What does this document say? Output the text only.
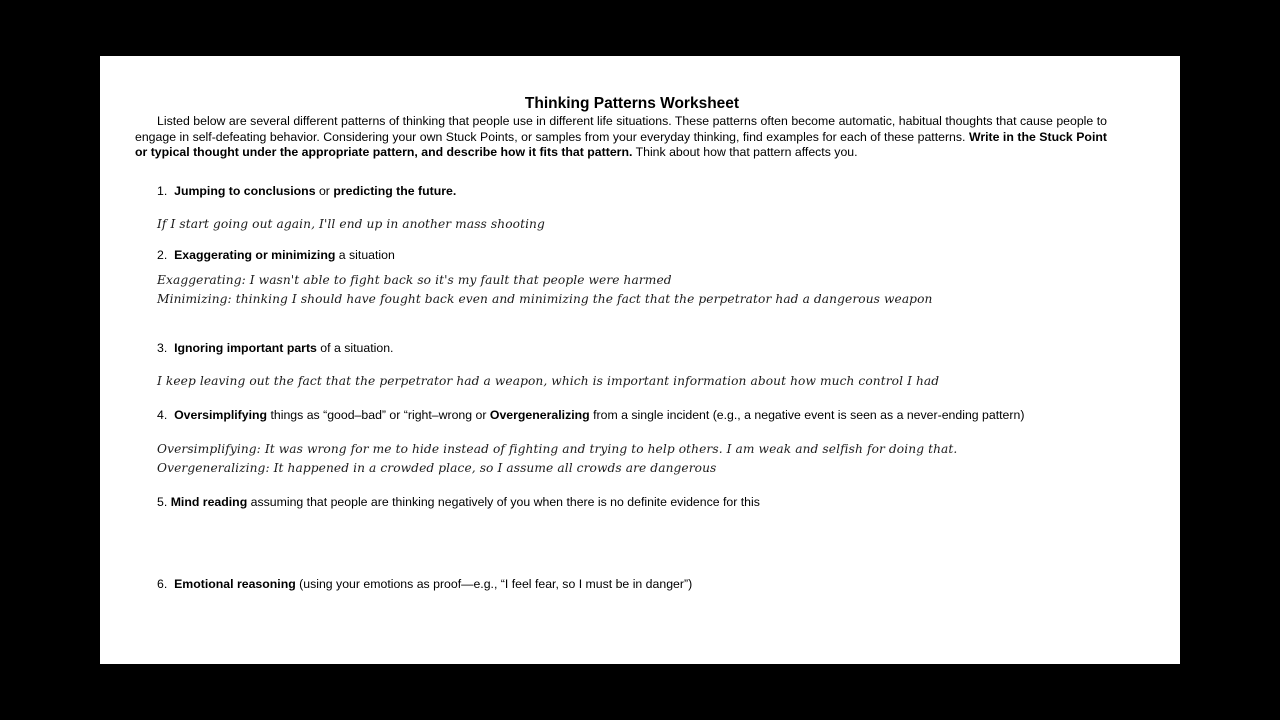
Thinking Patterns Worksheet
Listed below are several different patterns of thinking that people use in different life situations. These patterns often become automatic, habitual thoughts that cause people to engage in self-defeating behavior. Considering your own Stuck Points, or samples from your everyday thinking, find examples for each of these patterns. Write in the Stuck Point or typical thought under the appropriate pattern, and describe how it fits that pattern. Think about how that pattern affects you.
1. Jumping to conclusions or predicting the future.
If I start going out again, I'll end up in another mass shooting
2. Exaggerating or minimizing a situation
Exaggerating: I wasn't able to fight back so it's my fault that people were harmed
Minimizing: thinking I should have fought back even and minimizing the fact that the perpetrator had a dangerous weapon
3. Ignoring important parts of a situation.
I keep leaving out the fact that the perpetrator had a weapon, which is important information about how much control I had
4. Oversimplifying things as “good–bad” or “right–wrong or Overgeneralizing from a single incident (e.g., a negative event is seen as a never-ending pattern)
Oversimplifying: It was wrong for me to hide instead of fighting and trying to help others. I am weak and selfish for doing that.
Overgeneralizing: It happened in a crowded place, so I assume all crowds are dangerous
5. Mind reading assuming that people are thinking negatively of you when there is no definite evidence for this
6. Emotional reasoning (using your emotions as proof—e.g., “I feel fear, so I must be in danger”)
